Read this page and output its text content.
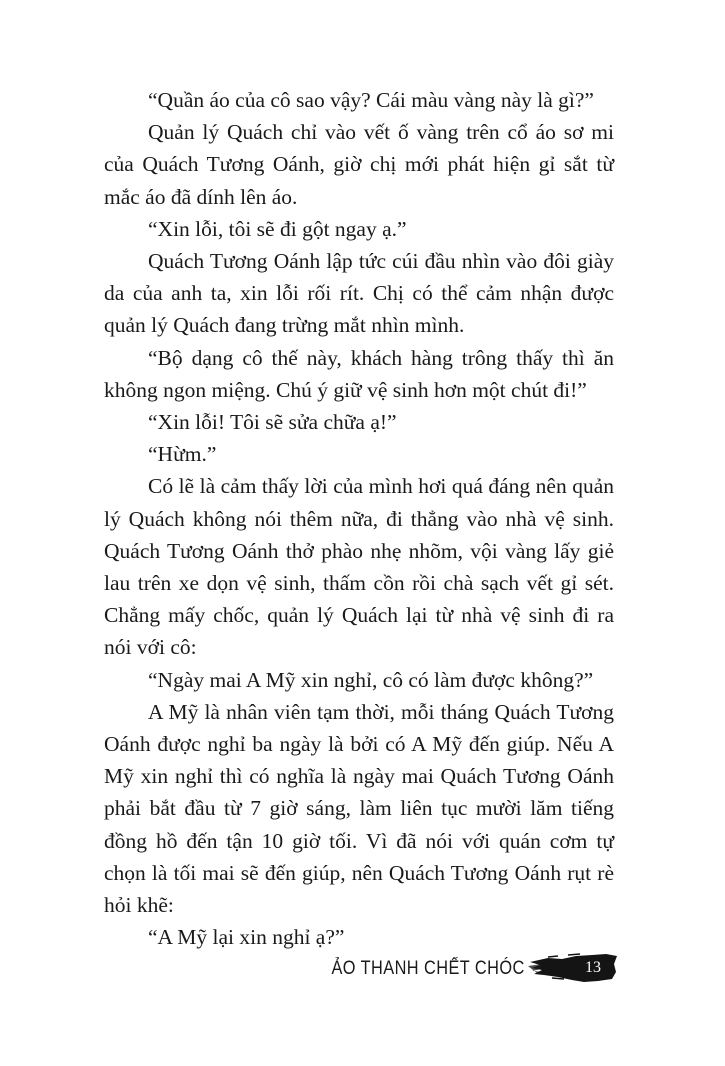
“Quần áo của cô sao vậy? Cái màu vàng này là gì?”

Quản lý Quách chỉ vào vết ố vàng trên cổ áo sơ mi của Quách Tương Oánh, giờ chị mới phát hiện gỉ sắt từ mắc áo đã dính lên áo.

“Xin lỗi, tôi sẽ đi gột ngay ạ.”

Quách Tương Oánh lập tức cúi đầu nhìn vào đôi giày da của anh ta, xin lỗi rối rít. Chị có thể cảm nhận được quản lý Quách đang trừng mắt nhìn mình.

“Bộ dạng cô thế này, khách hàng trông thấy thì ăn không ngon miệng. Chú ý giữ vệ sinh hơn một chút đi!”

“Xin lỗi! Tôi sẽ sửa chữa ạ!”

“Hừm.”

Có lẽ là cảm thấy lời của mình hơi quá đáng nên quản lý Quách không nói thêm nữa, đi thẳng vào nhà vệ sinh. Quách Tương Oánh thở phào nhẹ nhõm, vội vàng lấy giẻ lau trên xe dọn vệ sinh, thấm cồn rồi chà sạch vết gỉ sét. Chẳng mấy chốc, quản lý Quách lại từ nhà vệ sinh đi ra nói với cô:

“Ngày mai A Mỹ xin nghỉ, cô có làm được không?”

A Mỹ là nhân viên tạm thời, mỗi tháng Quách Tương Oánh được nghỉ ba ngày là bởi có A Mỹ đến giúp. Nếu A Mỹ xin nghỉ thì có nghĩa là ngày mai Quách Tương Oánh phải bắt đầu từ 7 giờ sáng, làm liên tục mười lăm tiếng đồng hồ đến tận 10 giờ tối. Vì đã nói với quán cơm tự chọn là tối mai sẽ đến giúp, nên Quách Tương Oánh rụt rè hỏi khẽ:

“A Mỹ lại xin nghỉ ạ?”

ẢO THANH CHẾT CHÓC	13
